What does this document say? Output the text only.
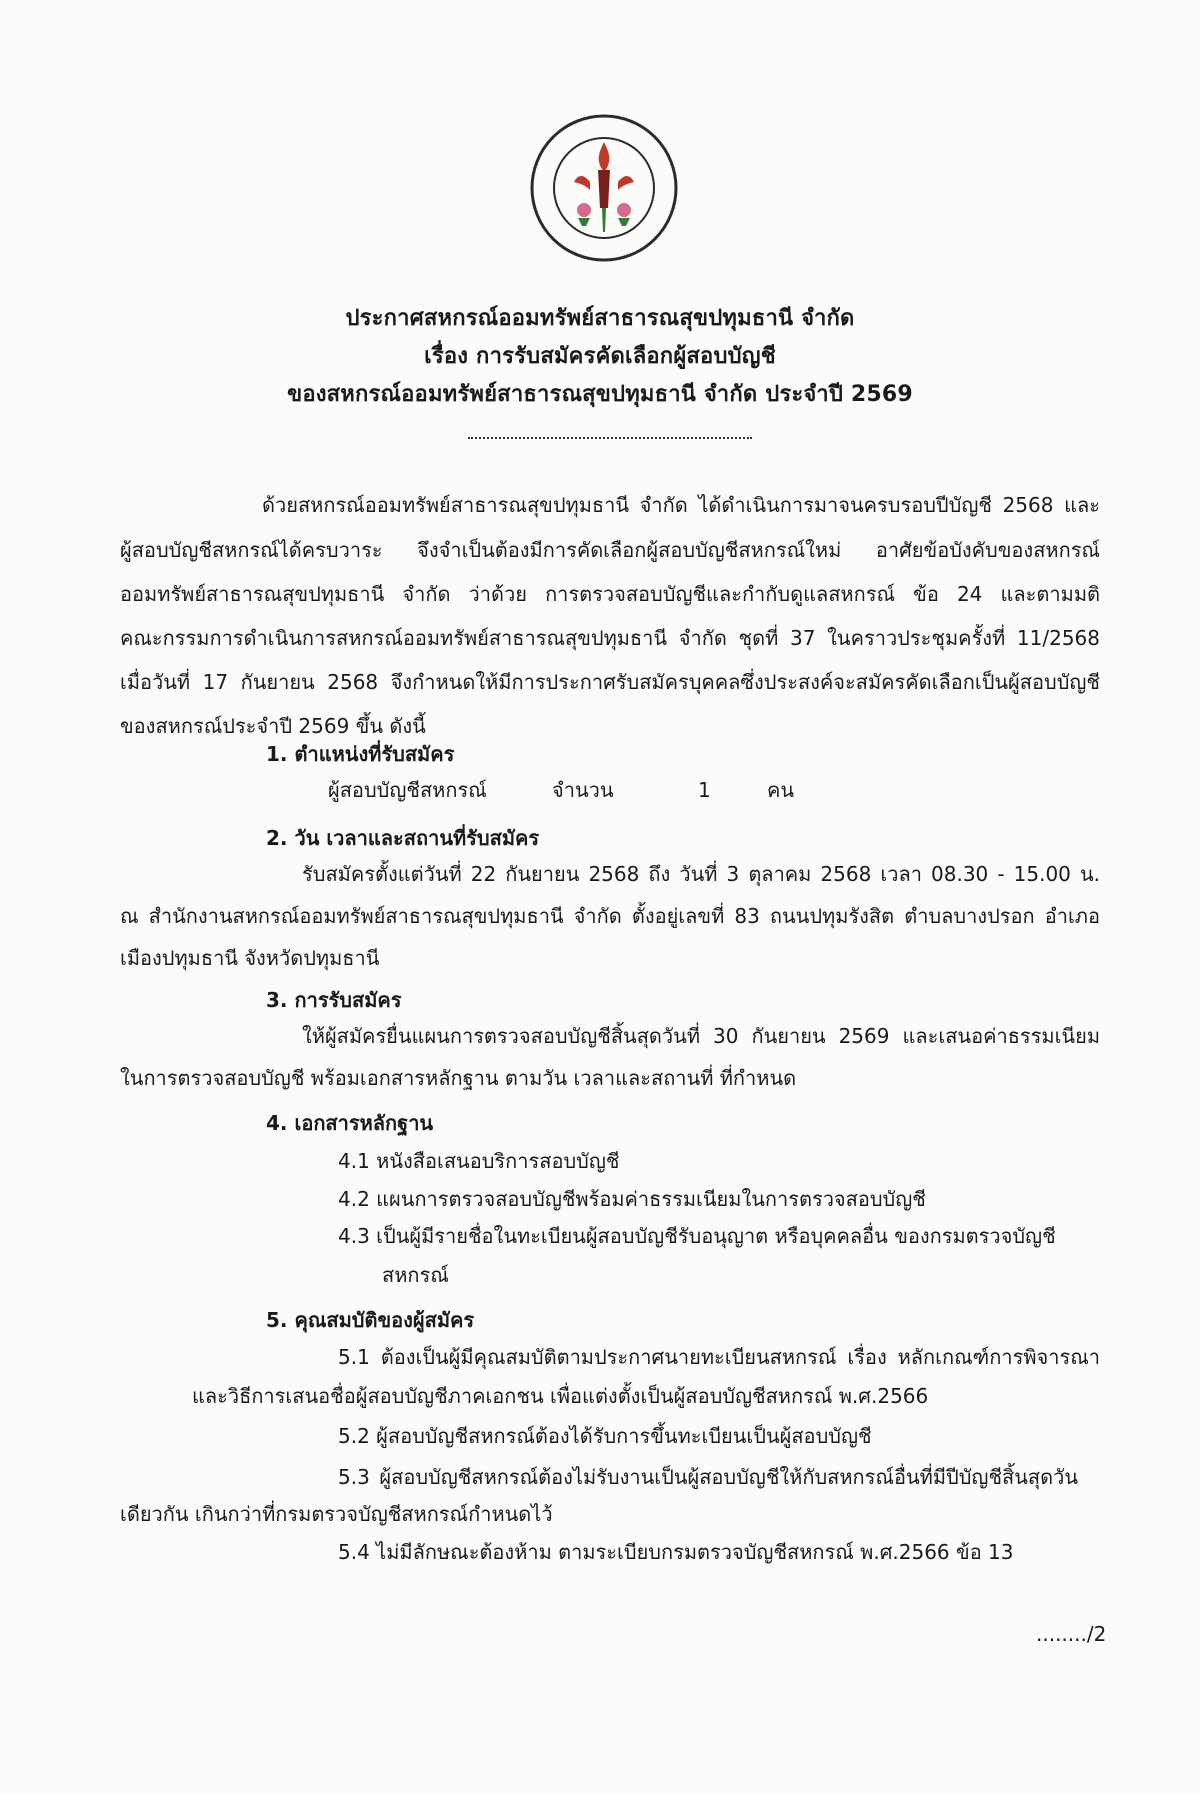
ประกาศสหกรณ์ออมทรัพย์สาธารณสุขปทุมธานี จำกัด
เรื่อง การรับสมัครคัดเลือกผู้สอบบัญชี
ของสหกรณ์ออมทรัพย์สาธารณสุขปทุมธานี จำกัด ประจำปี 2569
ด้วยสหกรณ์ออมทรัพย์สาธารณสุขปทุมธานี จำกัด ได้ดำเนินการมาจนครบรอบปีบัญชี 2568 และ
ผู้สอบบัญชีสหกรณ์ได้ครบวาระ จึงจำเป็นต้องมีการคัดเลือกผู้สอบบัญชีสหกรณ์ใหม่ อาศัยข้อบังคับของสหกรณ์
ออมทรัพย์สาธารณสุขปทุมธานี จำกัด ว่าด้วย การตรวจสอบบัญชีและกำกับดูแลสหกรณ์ ข้อ 24 และตามมติ
คณะกรรมการดำเนินการสหกรณ์ออมทรัพย์สาธารณสุขปทุมธานี จำกัด ชุดที่ 37 ในคราวประชุมครั้งที่ 11/2568
เมื่อวันที่ 17 กันยายน 2568 จึงกำหนดให้มีการประกาศรับสมัครบุคคลซึ่งประสงค์จะสมัครคัดเลือกเป็นผู้สอบบัญชี
ของสหกรณ์ประจำปี 2569 ขึ้น ดังนี้
1. ตำแหน่งที่รับสมัคร
ผู้สอบบัญชีสหกรณ์	จำนวน	1	คน
2. วัน เวลาและสถานที่รับสมัคร
รับสมัครตั้งแต่วันที่ 22 กันยายน 2568 ถึง วันที่ 3 ตุลาคม 2568 เวลา 08.30 - 15.00 น.
ณ สำนักงานสหกรณ์ออมทรัพย์สาธารณสุขปทุมธานี จำกัด ตั้งอยู่เลขที่ 83 ถนนปทุมรังสิต ตำบลบางปรอก อำเภอ
เมืองปทุมธานี จังหวัดปทุมธานี
3. การรับสมัคร
ให้ผู้สมัครยื่นแผนการตรวจสอบบัญชีสิ้นสุดวันที่ 30 กันยายน 2569 และเสนอค่าธรรมเนียม
ในการตรวจสอบบัญชี พร้อมเอกสารหลักฐาน ตามวัน เวลาและสถานที่ ที่กำหนด
4. เอกสารหลักฐาน
4.1 หนังสือเสนอบริการสอบบัญชี
4.2 แผนการตรวจสอบบัญชีพร้อมค่าธรรมเนียมในการตรวจสอบบัญชี
4.3 เป็นผู้มีรายชื่อในทะเบียนผู้สอบบัญชีรับอนุญาต หรือบุคคลอื่น ของกรมตรวจบัญชี
สหกรณ์
5. คุณสมบัติของผู้สมัคร
5.1 ต้องเป็นผู้มีคุณสมบัติตามประกาศนายทะเบียนสหกรณ์ เรื่อง หลักเกณฑ์การพิจารณา
และวิธีการเสนอชื่อผู้สอบบัญชีภาคเอกชน เพื่อแต่งตั้งเป็นผู้สอบบัญชีสหกรณ์ พ.ศ.2566
5.2 ผู้สอบบัญชีสหกรณ์ต้องได้รับการขึ้นทะเบียนเป็นผู้สอบบัญชี
5.3 ผู้สอบบัญชีสหกรณ์ต้องไม่รับงานเป็นผู้สอบบัญชีให้กับสหกรณ์อื่นที่มีปีบัญชีสิ้นสุดวัน
เดียวกัน เกินกว่าที่กรมตรวจบัญชีสหกรณ์กำหนดไว้
5.4 ไม่มีลักษณะต้องห้าม ตามระเบียบกรมตรวจบัญชีสหกรณ์ พ.ศ.2566 ข้อ 13
......../2
